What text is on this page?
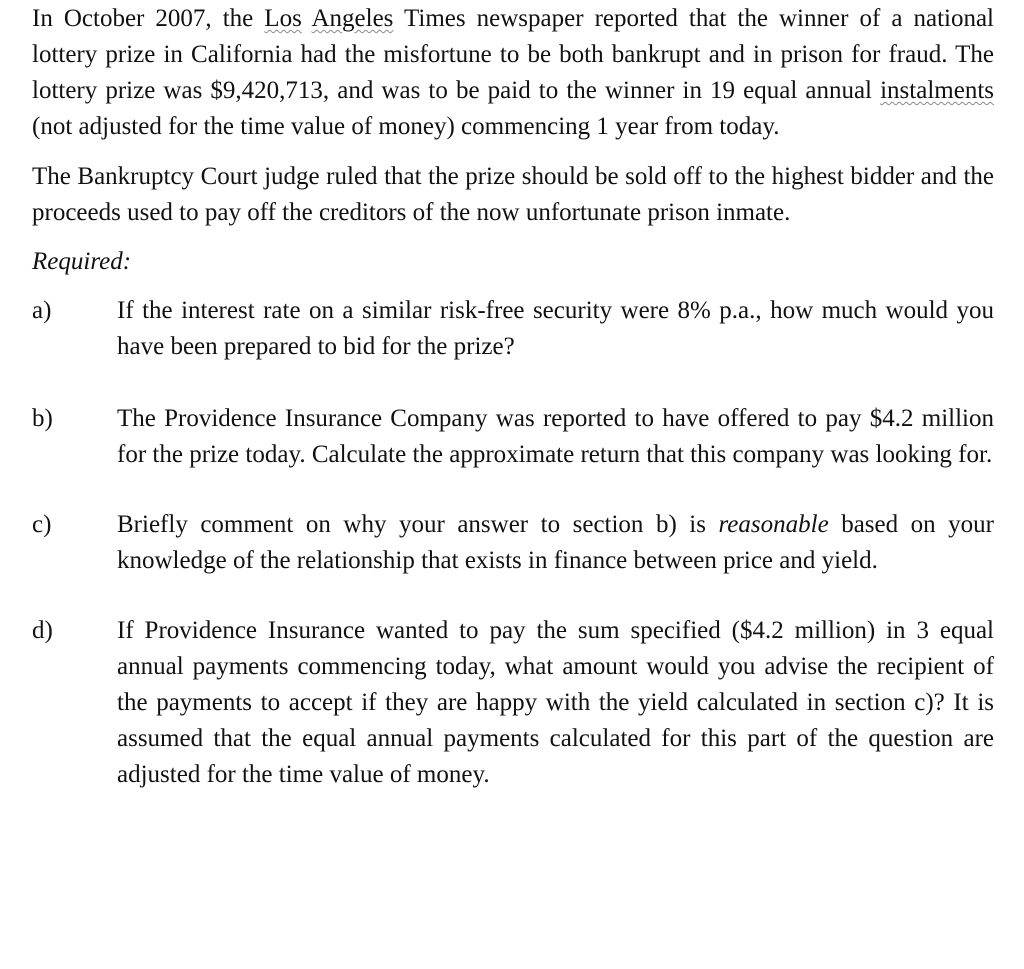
In October 2007, the Los Angeles Times newspaper reported that the winner of a national lottery prize in California had the misfortune to be both bankrupt and in prison for fraud. The lottery prize was $9,420,713, and was to be paid to the winner in 19 equal annual instalments (not adjusted for the time value of money) commencing 1 year from today.

The Bankruptcy Court judge ruled that the prize should be sold off to the highest bidder and the proceeds used to pay off the creditors of the now unfortunate prison inmate.

Required:

a)	If the interest rate on a similar risk-free security were 8% p.a., how much would you have been prepared to bid for the prize?
b)	The Providence Insurance Company was reported to have offered to pay $4.2 million for the prize today. Calculate the approximate return that this company was looking for.
c)	Briefly comment on why your answer to section b) is reasonable based on your knowledge of the relationship that exists in finance between price and yield.
d)	If Providence Insurance wanted to pay the sum specified ($4.2 million) in 3 equal annual payments commencing today, what amount would you advise the recipient of the payments to accept if they are happy with the yield calculated in section c)? It is assumed that the equal annual payments calculated for this part of the question are adjusted for the time value of money.
